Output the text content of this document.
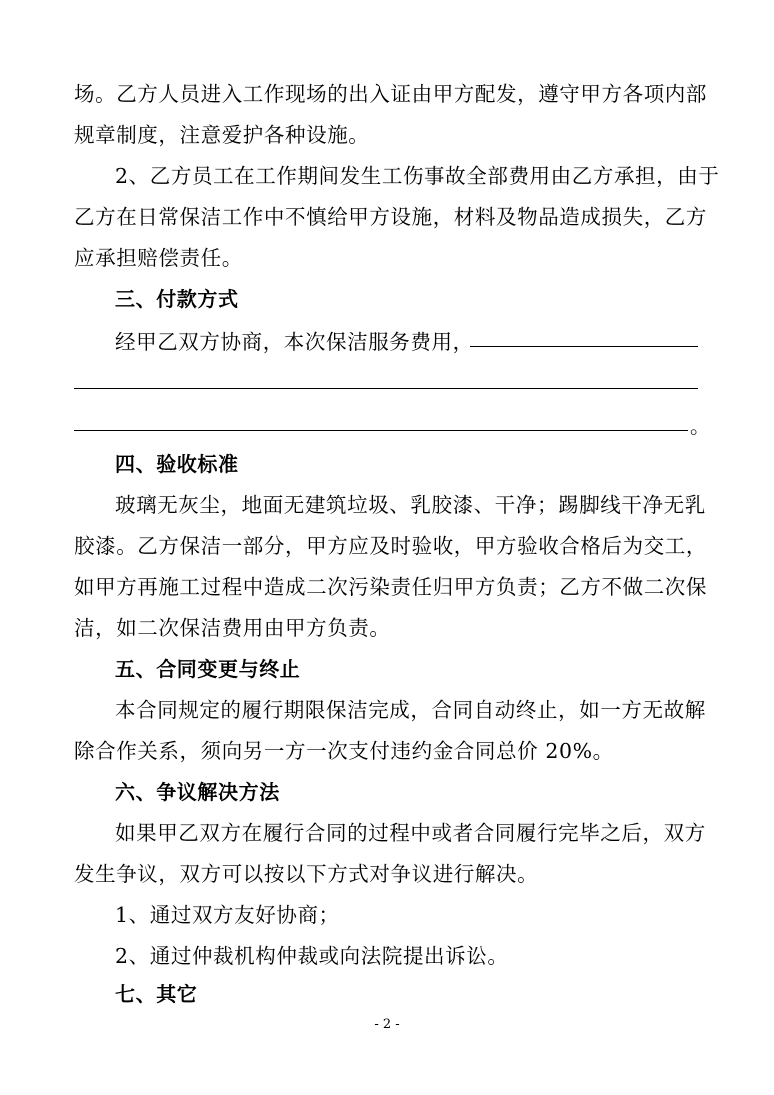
场。乙方人员进入工作现场的出入证由甲方配发，遵守甲方各项内部
规章制度，注意爱护各种设施。
2、乙方员工在工作期间发生工伤事故全部费用由乙方承担，由于
乙方在日常保洁工作中不慎给甲方设施，材料及物品造成损失，乙方
应承担赔偿责任。
三、付款方式
经甲乙双方协商，本次保洁服务费用，
。
四、验收标准
玻璃无灰尘，地面无建筑垃圾、乳胶漆、干净；踢脚线干净无乳
胶漆。乙方保洁一部分，甲方应及时验收，甲方验收合格后为交工，
如甲方再施工过程中造成二次污染责任归甲方负责；乙方不做二次保
洁，如二次保洁费用由甲方负责。
五、合同变更与终止
本合同规定的履行期限保洁完成，合同自动终止，如一方无故解
除合作关系，须向另一方一次支付违约金合同总价 20%。
六、争议解决方法
如果甲乙双方在履行合同的过程中或者合同履行完毕之后，双方
发生争议，双方可以按以下方式对争议进行解决。
1、通过双方友好协商；
2、通过仲裁机构仲裁或向法院提出诉讼。
七、其它
- 2 -
